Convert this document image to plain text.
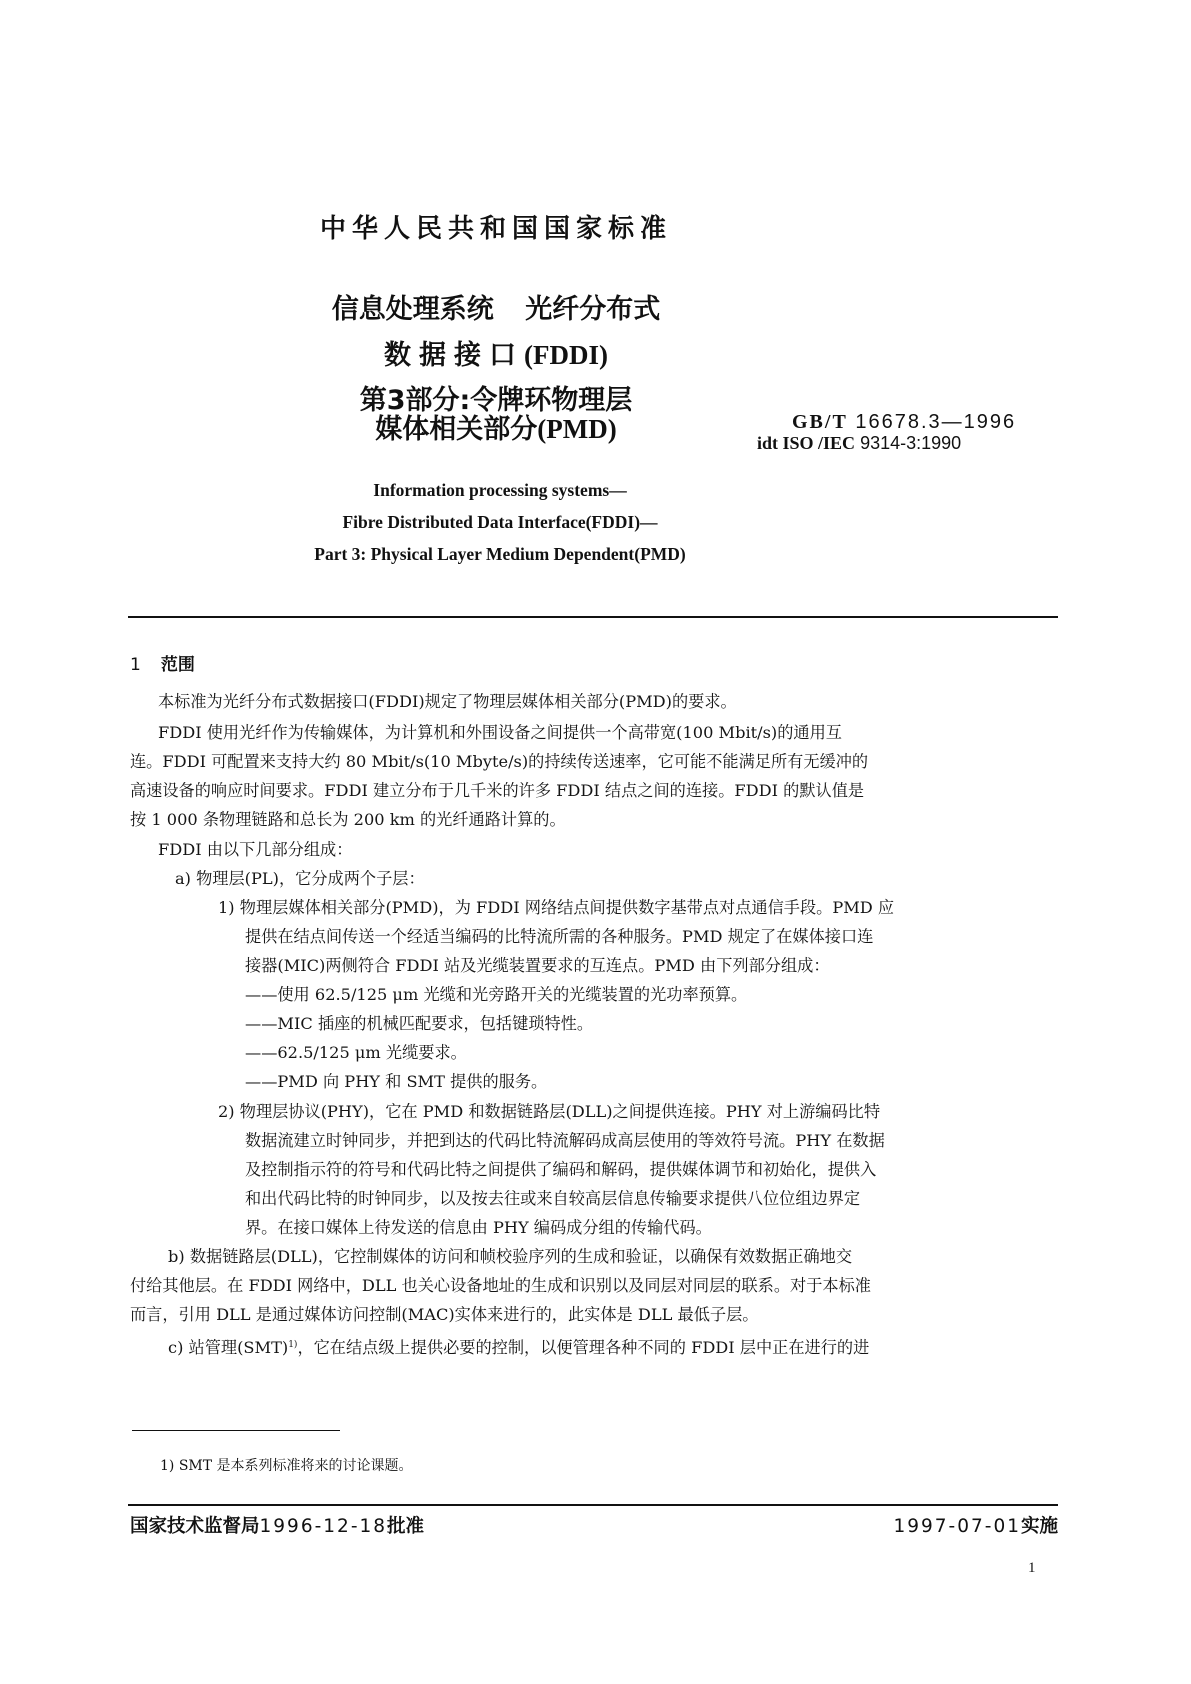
中华人民共和国国家标准
信息处理系统 光纤分布式
数据接口(FDDI)
第3部分:令牌环物理层
媒体相关部分(PMD)	GB/T 16678.3—1996
idt ISO /IEC 9314-3:1990
Information processing systems—
Fibre Distributed Data Interface(FDDI)—
Part 3: Physical Layer Medium Dependent(PMD)
1 范围
本标准为光纤分布式数据接口(FDDI)规定了物理层媒体相关部分(PMD)的要求。
FDDI 使用光纤作为传输媒体，为计算机和外围设备之间提供一个高带宽(100 Mbit/s)的通用互
连。FDDI 可配置来支持大约 80 Mbit/s(10 Mbyte/s)的持续传送速率，它可能不能满足所有无缓冲的
高速设备的响应时间要求。FDDI 建立分布于几千米的许多 FDDI 结点之间的连接。FDDI 的默认值是
按 1 000 条物理链路和总长为 200 km 的光纤通路计算的。
FDDI 由以下几部分组成：
a) 物理层(PL)，它分成两个子层：
1) 物理层媒体相关部分(PMD)，为 FDDI 网络结点间提供数字基带点对点通信手段。PMD 应
提供在结点间传送一个经适当编码的比特流所需的各种服务。PMD 规定了在媒体接口连
接器(MIC)两侧符合 FDDI 站及光缆装置要求的互连点。PMD 由下列部分组成：
——使用 62.5/125 μm 光缆和光旁路开关的光缆装置的光功率预算。
——MIC 插座的机械匹配要求，包括键琐特性。
——62.5/125 μm 光缆要求。
——PMD 向 PHY 和 SMT 提供的服务。
2) 物理层协议(PHY)，它在 PMD 和数据链路层(DLL)之间提供连接。PHY 对上游编码比特
数据流建立时钟同步，并把到达的代码比特流解码成高层使用的等效符号流。PHY 在数据
及控制指示符的符号和代码比特之间提供了编码和解码，提供媒体调节和初始化，提供入
和出代码比特的时钟同步，以及按去往或来自较高层信息传输要求提供八位位组边界定
界。在接口媒体上待发送的信息由 PHY 编码成分组的传输代码。
b) 数据链路层(DLL)，它控制媒体的访问和帧校验序列的生成和验证，以确保有效数据正确地交
付给其他层。在 FDDI 网络中，DLL 也关心设备地址的生成和识别以及同层对同层的联系。对于本标准
而言，引用 DLL 是通过媒体访问控制(MAC)实体来进行的，此实体是 DLL 最低子层。
c) 站管理(SMT)$^{1)}$，它在结点级上提供必要的控制，以便管理各种不同的 FDDI 层中正在进行的进
1) SMT 是本系列标准将来的讨论课题。
国家技术监督局1996-12-18批准	1997-07-01实施
1
